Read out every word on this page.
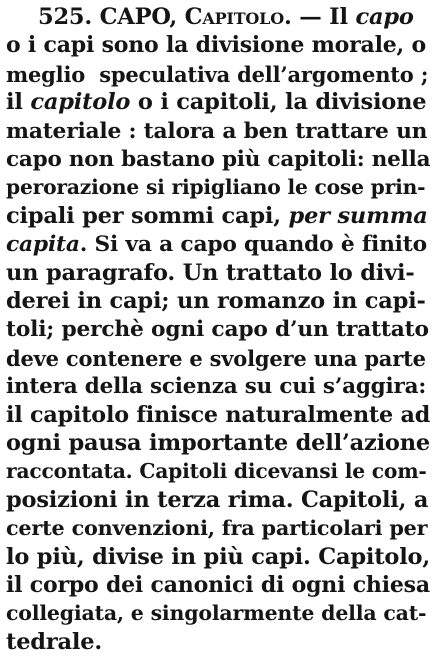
525. CAPO, Capitolo. — Il capo
o i capi sono la divisione morale, o
meglio  speculativa dell’argomento ;
il capitolo o i capitoli, la divisione
materiale : talora a ben trattare un
capo non bastano più capitoli: nella
perorazione si ripigliano le cose prin-
cipali per sommi capi, per summa
capita. Si va a capo quando è finito
un paragrafo. Un trattato lo divi-
derei in capi; un romanzo in capi-
toli; perchè ogni capo d’un trattato
deve contenere e svolgere una parte
intera della scienza su cui s’aggira:
il capitolo finisce naturalmente ad
ogni pausa importante dell’azione
raccontata. Capitoli dicevansi le com-
posizioni in terza rima. Capitoli, a
certe convenzioni, fra particolari per
lo più, divise in più capi. Capitolo,
il corpo dei canonici di ogni chiesa
collegiata, e singolarmente della cat-
tedrale.
